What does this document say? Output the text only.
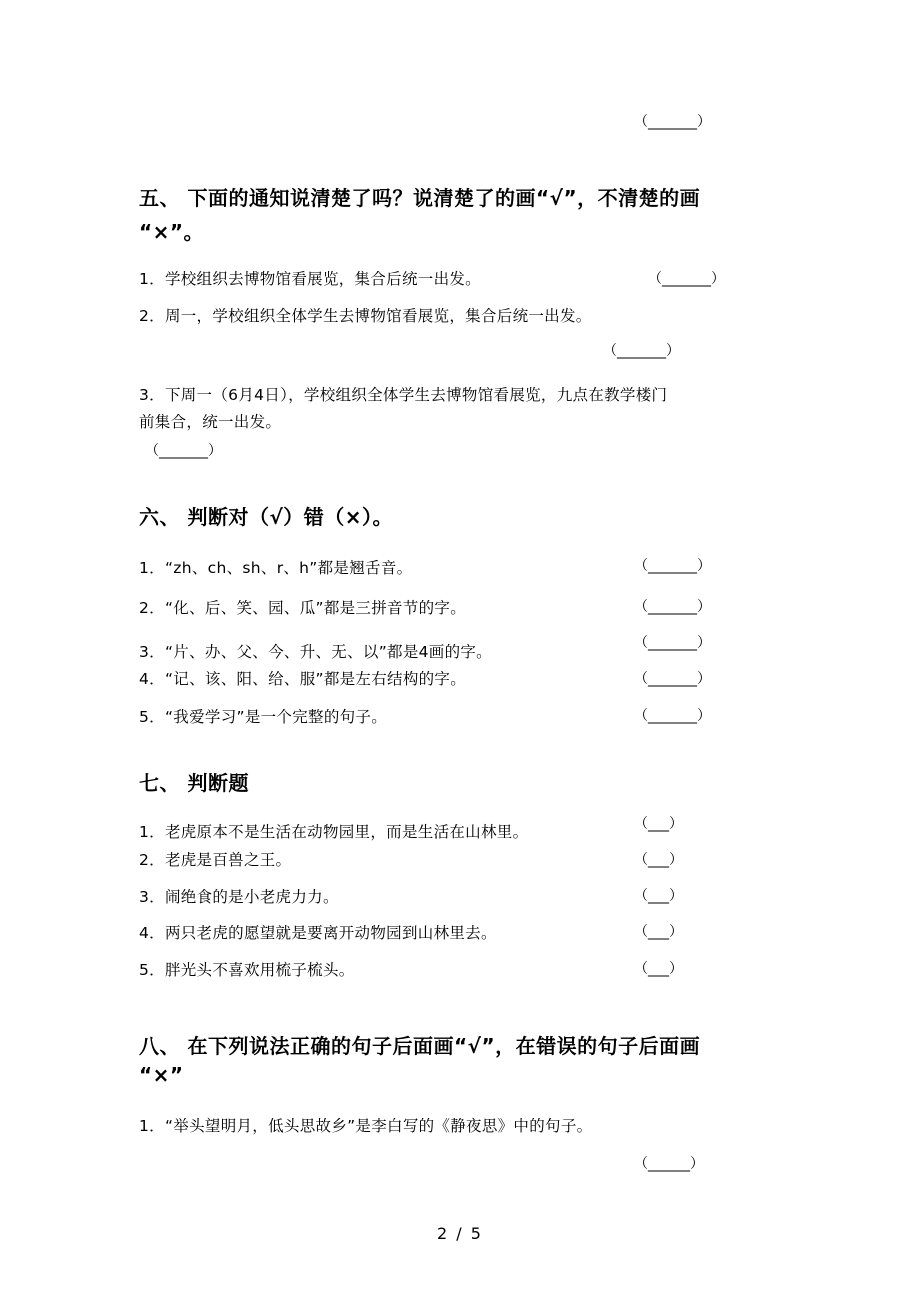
（_______）
五、 下面的通知说清楚了吗？说清楚了的画“√”，不清楚的画
“×”。
1．学校组织去博物馆看展览，集合后统一出发。	（_______）
2．周一，学校组织全体学生去博物馆看展览，集合后统一出发。
（_______）
3．下周一（6月4日），学校组织全体学生去博物馆看展览，九点在教学楼门
前集合，统一出发。
（_______）
六、 判断对（√）错（×）。
1．“zh、ch、sh、r、h”都是翘舌音。	（_______）
2．“化、后、笑、园、瓜”都是三拼音节的字。	（_______）
3．“片、办、父、今、升、无、以”都是4画的字。	（_______）
4．“记、该、阳、给、服”都是左右结构的字。	（_______）
5．“我爱学习”是一个完整的句子。	（_______）
七、 判断题
1．老虎原本不是生活在动物园里，而是生活在山林里。	（___）
2．老虎是百兽之王。	（___）
3．闹绝食的是小老虎力力。	（___）
4．两只老虎的愿望就是要离开动物园到山林里去。	（___）
5．胖光头不喜欢用梳子梳头。	（___）
八、 在下列说法正确的句子后面画“√”，在错误的句子后面画
“×”
1．“举头望明月，低头思故乡”是李白写的《静夜思》中的句子。
（______）
2 / 5
